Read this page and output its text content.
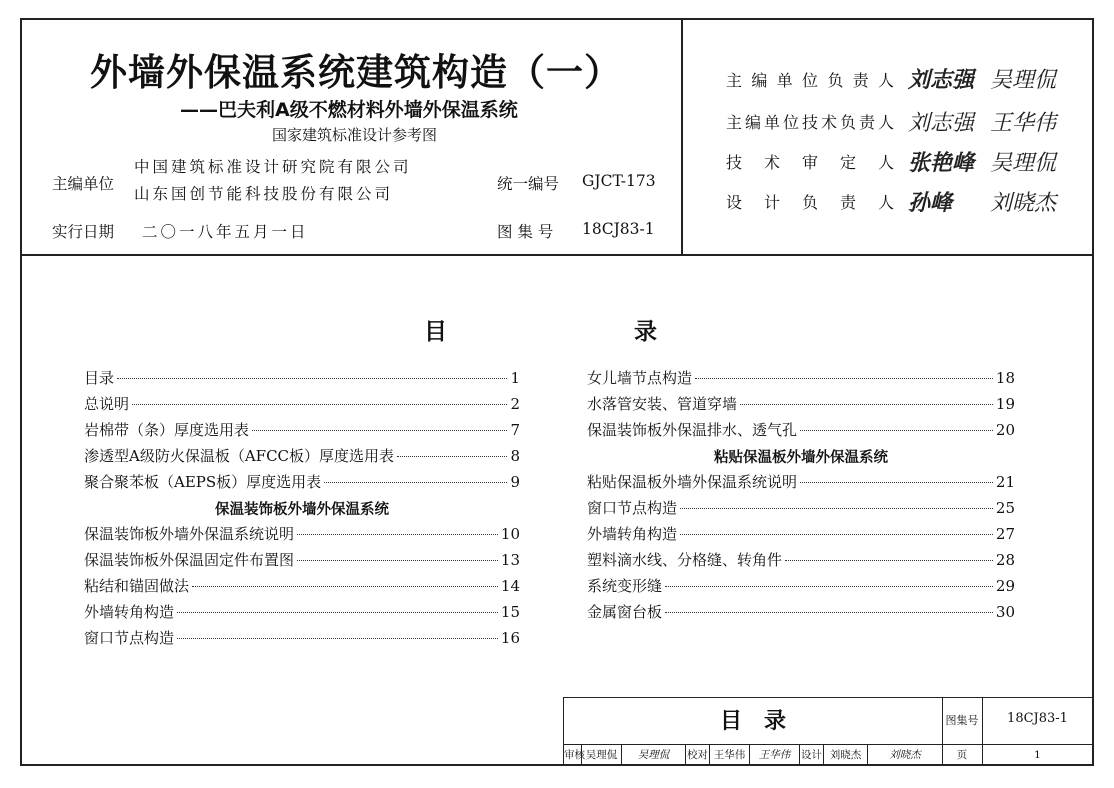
外墙外保温系统建筑构造（一）
——巴夫利A级不燃材料外墙外保温系统
国家建筑标准设计参考图
主编单位
中国建筑标准设计研究院有限公司
山东国创节能科技股份有限公司
统一编号 GJCT-173
实行日期 二〇一八年五月一日	图 集 号 18CJ83-1
主编单位负责人 刘志强 吴理侃
主编单位技术负责人 刘志强 王华伟
技术审定人 张艳峰 吴理侃
设计负责人 孙峰 刘晓杰
目	录
目录	1
总说明	2
岩棉带（条）厚度选用表	7
渗透型A级防火保温板（AFCC板）厚度选用表	8
聚合聚苯板（AEPS板）厚度选用表	9
保温装饰板外墙外保温系统
保温装饰板外墙外保温系统说明	10
保温装饰板外保温固定件布置图	13
粘结和锚固做法	14
外墙转角构造	15
窗口节点构造	16
女儿墙节点构造	18
水落管安装、管道穿墙	19
保温装饰板外保温排水、透气孔	20
粘贴保温板外墙外保温系统
粘贴保温板外墙外保温系统说明	21
窗口节点构造	25
外墙转角构造	27
塑料滴水线、分格缝、转角件	28
系统变形缝	29
金属窗台板	30
目　录	图集号	18CJ83-1
审核 吴理侃	吴理侃	校对 王华伟	王华伟	设计 刘晓杰	刘晓杰	页	1
